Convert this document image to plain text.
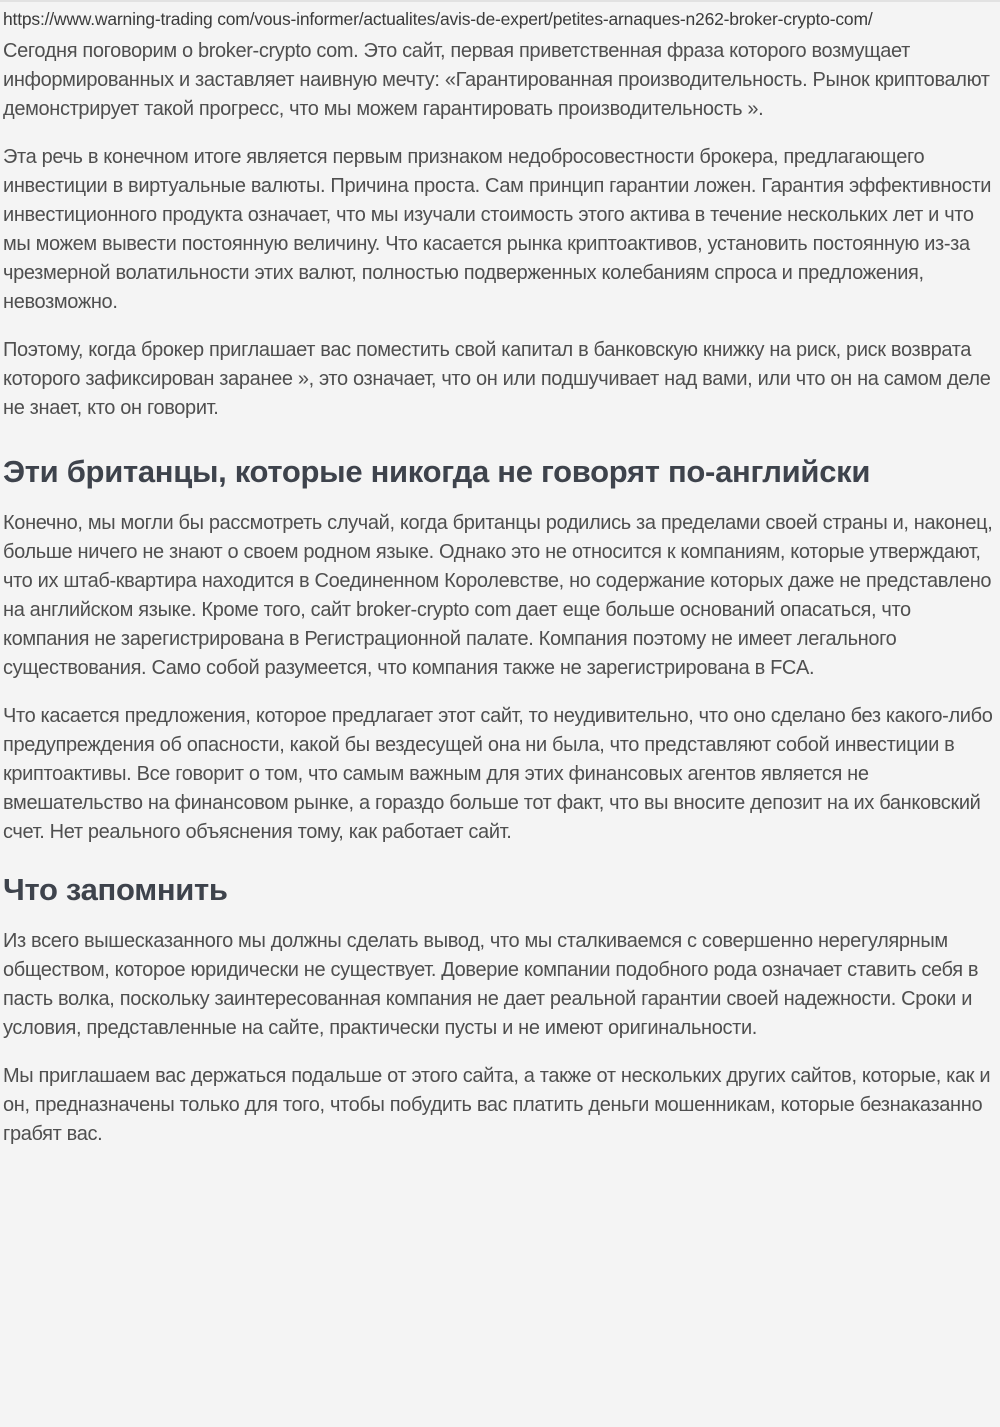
https://www.warning-trading com/vous-informer/actualites/avis-de-expert/petites-arnaques-n262-broker-crypto-com/

Сегодня поговорим о broker-crypto com. Это сайт, первая приветственная фраза которого возмущает информированных и заставляет наивную мечту: «Гарантированная производительность. Рынок криптовалют демонстрирует такой прогресс, что мы можем гарантировать производительность ».

Эта речь в конечном итоге является первым признаком недобросовестности брокера, предлагающего инвестиции в виртуальные валюты. Причина проста. Сам принцип гарантии ложен. Гарантия эффективности инвестиционного продукта означает, что мы изучали стоимость этого актива в течение нескольких лет и что мы можем вывести постоянную величину. Что касается рынка криптоактивов, установить постоянную из-за чрезмерной волатильности этих валют, полностью подверженных колебаниям спроса и предложения, невозможно.

Поэтому, когда брокер приглашает вас поместить свой капитал в банковскую книжку на риск, риск возврата которого зафиксирован заранее », это означает, что он или подшучивает над вами, или что он на самом деле не знает, кто он говорит.

Эти британцы, которые никогда не говорят по-английски

Конечно, мы могли бы рассмотреть случай, когда британцы родились за пределами своей страны и, наконец, больше ничего не знают о своем родном языке. Однако это не относится к компаниям, которые утверждают, что их штаб-квартира находится в Соединенном Королевстве, но содержание которых даже не представлено на английском языке. Кроме того, сайт broker-crypto com дает еще больше оснований опасаться, что компания не зарегистрирована в Регистрационной палате. Компания поэтому не имеет легального существования. Само собой разумеется, что компания также не зарегистрирована в FCA.

Что касается предложения, которое предлагает этот сайт, то неудивительно, что оно сделано без какого-либо предупреждения об опасности, какой бы вездесущей она ни была, что представляют собой инвестиции в криптоактивы. Все говорит о том, что самым важным для этих финансовых агентов является не вмешательство на финансовом рынке, а гораздо больше тот факт, что вы вносите депозит на их банковский счет. Нет реального объяснения тому, как работает сайт.

Что запомнить

Из всего вышесказанного мы должны сделать вывод, что мы сталкиваемся с совершенно нерегулярным обществом, которое юридически не существует. Доверие компании подобного рода означает ставить себя в пасть волка, поскольку заинтересованная компания не дает реальной гарантии своей надежности. Сроки и условия, представленные на сайте, практически пусты и не имеют оригинальности.

Мы приглашаем вас держаться подальше от этого сайта, а также от нескольких других сайтов, которые, как и он, предназначены только для того, чтобы побудить вас платить деньги мошенникам, которые безнаказанно грабят вас.
